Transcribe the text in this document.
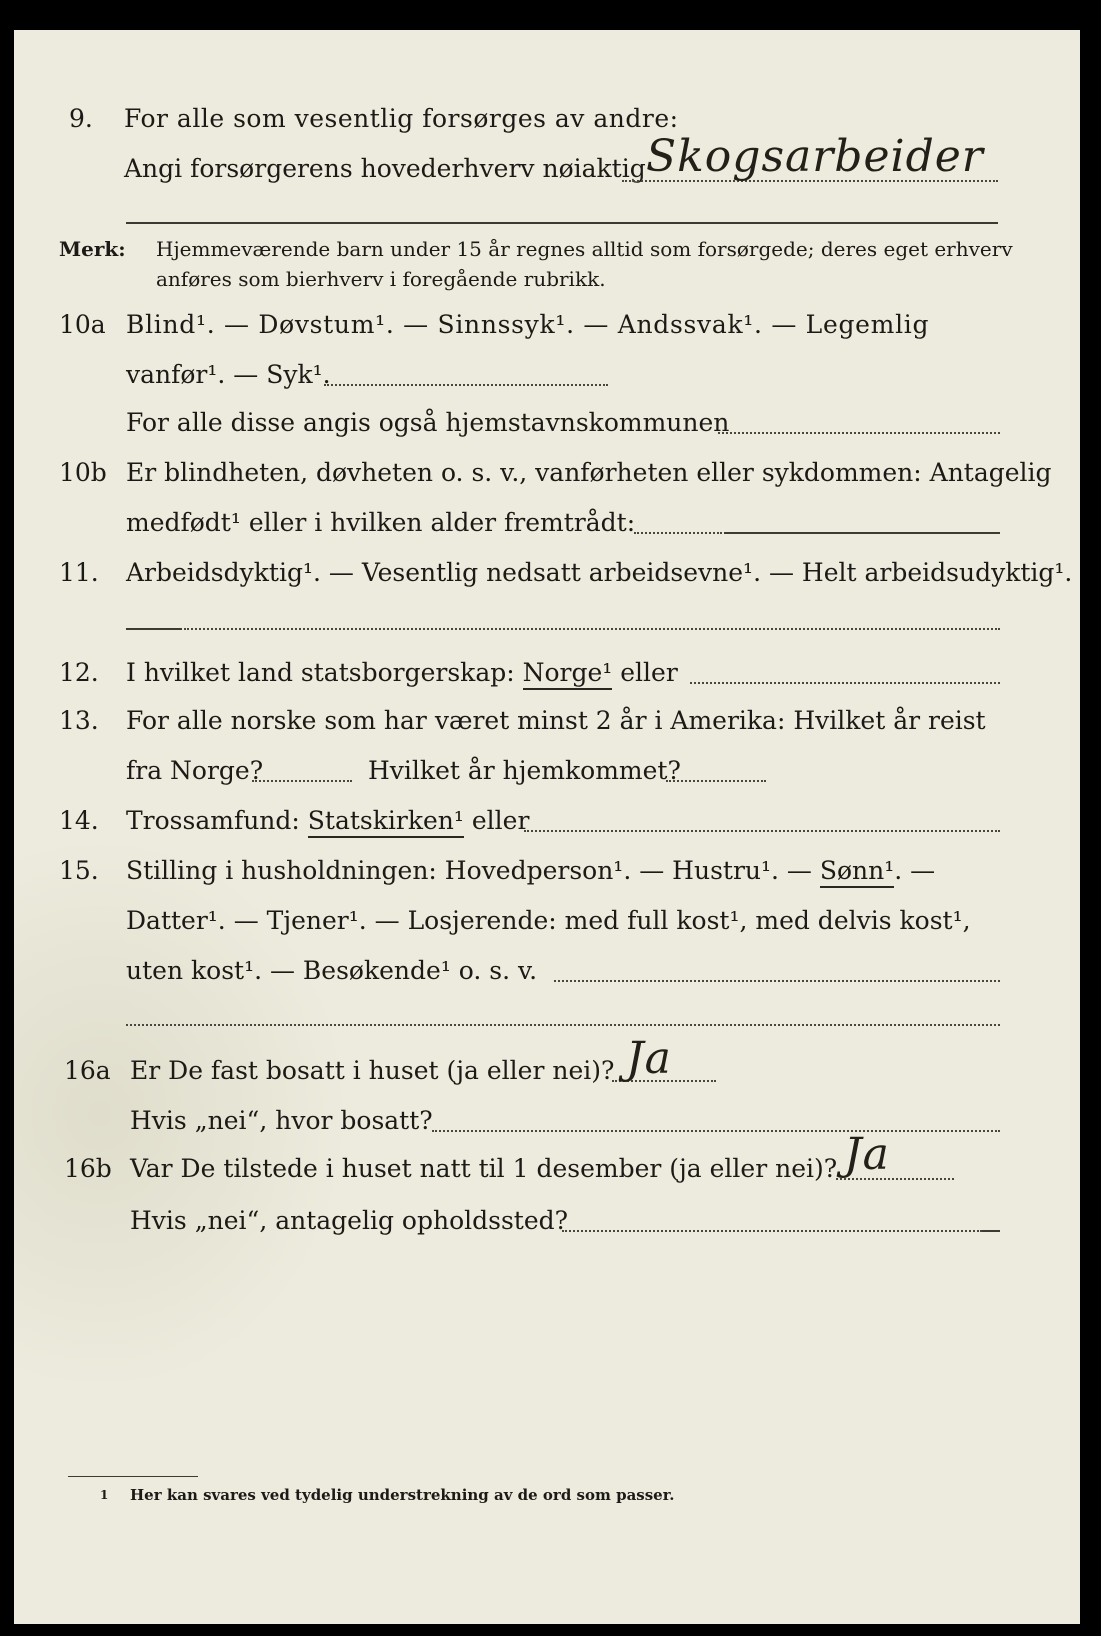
9. For alle som vesentlig forsørges av andre:
Angi forsørgerens hovederhverv nøiaktig Skogsarbeider
Merk: Hjemmeværende barn under 15 år regnes alltid som forsørgede; deres eget erhverv
anføres som bierhverv i foregående rubrikk.
10a Blind¹. — Døvstum¹. — Sinnssyk¹. — Andssvak¹. — Legemlig
vanfør¹. — Syk¹.
For alle disse angis også hjemstavnskommunen
10b Er blindheten, døvheten o. s. v., vanførheten eller sykdommen: Antagelig
medfødt¹ eller i hvilken alder fremtrådt:
11. Arbeidsdyktig¹. — Vesentlig nedsatt arbeidsevne¹. — Helt arbeidsudyktig¹.
12. I hvilket land statsborgerskap: Norge¹ eller
13. For alle norske som har været minst 2 år i Amerika: Hvilket år reist
fra Norge?	Hvilket år hjemkommet?
14. Trossamfund: Statskirken¹ eller
15. Stilling i husholdningen: Hovedperson¹. — Hustru¹. — Sønn¹. —
Datter¹. — Tjener¹. — Losjerende: med full kost¹, med delvis kost¹,
uten kost¹. — Besøkende¹ o. s. v.
16a Er De fast bosatt i huset (ja eller nei)? Ja
Hvis „nei“, hvor bosatt?
16b Var De tilstede i huset natt til 1 desember (ja eller nei)? Ja
Hvis „nei“, antagelig opholdssted?
1 Her kan svares ved tydelig understrekning av de ord som passer.
